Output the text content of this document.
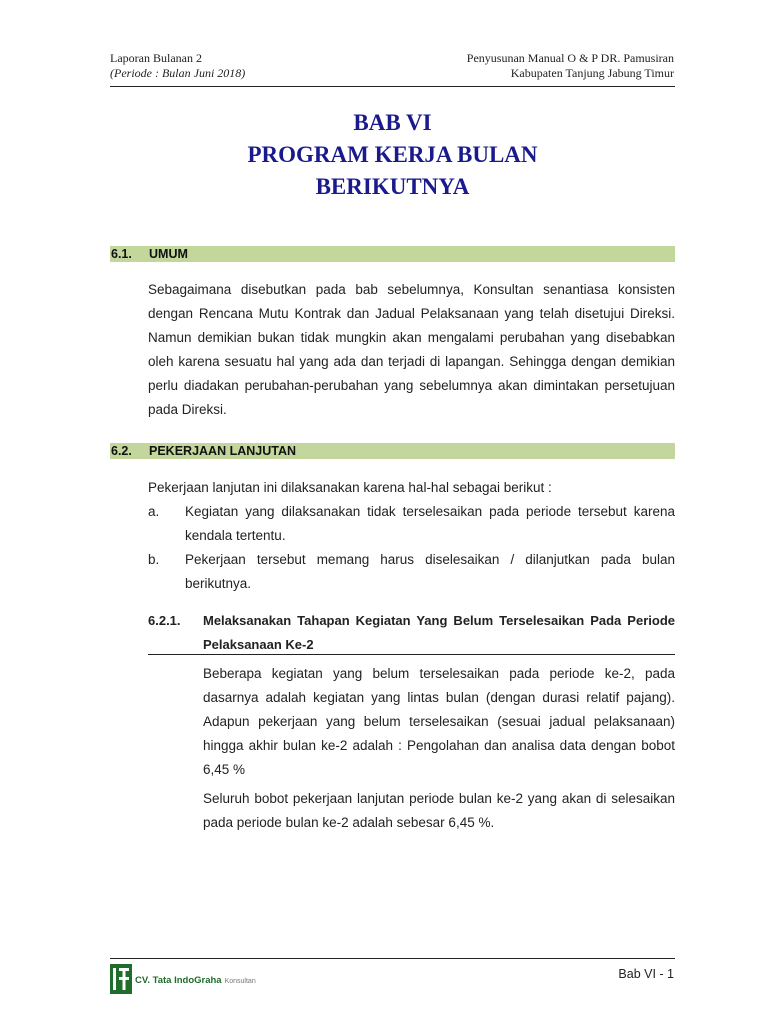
Laporan Bulanan 2
(Periode : Bulan Juni 2018)
Penyusunan Manual O & P DR. Pamusiran
Kabupaten Tanjung Jabung Timur
BAB VI
PROGRAM KERJA BULAN
BERIKUTNYA
6.1. UMUM
Sebagaimana disebutkan pada bab sebelumnya, Konsultan senantiasa konsisten dengan Rencana Mutu Kontrak dan Jadual Pelaksanaan yang telah disetujui Direksi. Namun demikian bukan tidak mungkin akan mengalami perubahan yang disebabkan oleh karena sesuatu hal yang ada dan terjadi di lapangan. Sehingga dengan demikian perlu diadakan perubahan-perubahan yang sebelumnya akan dimintakan persetujuan pada Direksi.
6.2. PEKERJAAN LANJUTAN
Pekerjaan lanjutan ini dilaksanakan karena hal-hal sebagai berikut :
a. Kegiatan yang dilaksanakan tidak terselesaikan pada periode tersebut karena kendala tertentu.
b. Pekerjaan tersebut memang harus diselesaikan / dilanjutkan pada bulan berikutnya.
6.2.1. Melaksanakan Tahapan Kegiatan Yang Belum Terselesaikan Pada Periode Pelaksanaan Ke-2
Beberapa kegiatan yang belum terselesaikan pada periode ke-2, pada dasarnya adalah kegiatan yang lintas bulan (dengan durasi relatif pajang). Adapun pekerjaan yang belum terselesaikan (sesuai jadual pelaksanaan) hingga akhir bulan ke-2 adalah : Pengolahan dan analisa data dengan bobot 6,45 %
Seluruh bobot pekerjaan lanjutan periode bulan ke-2 yang akan di selesaikan pada periode bulan ke-2 adalah sebesar 6,45 %.
CV. Tata IndoGraha Konsultan
Bab VI - 1
